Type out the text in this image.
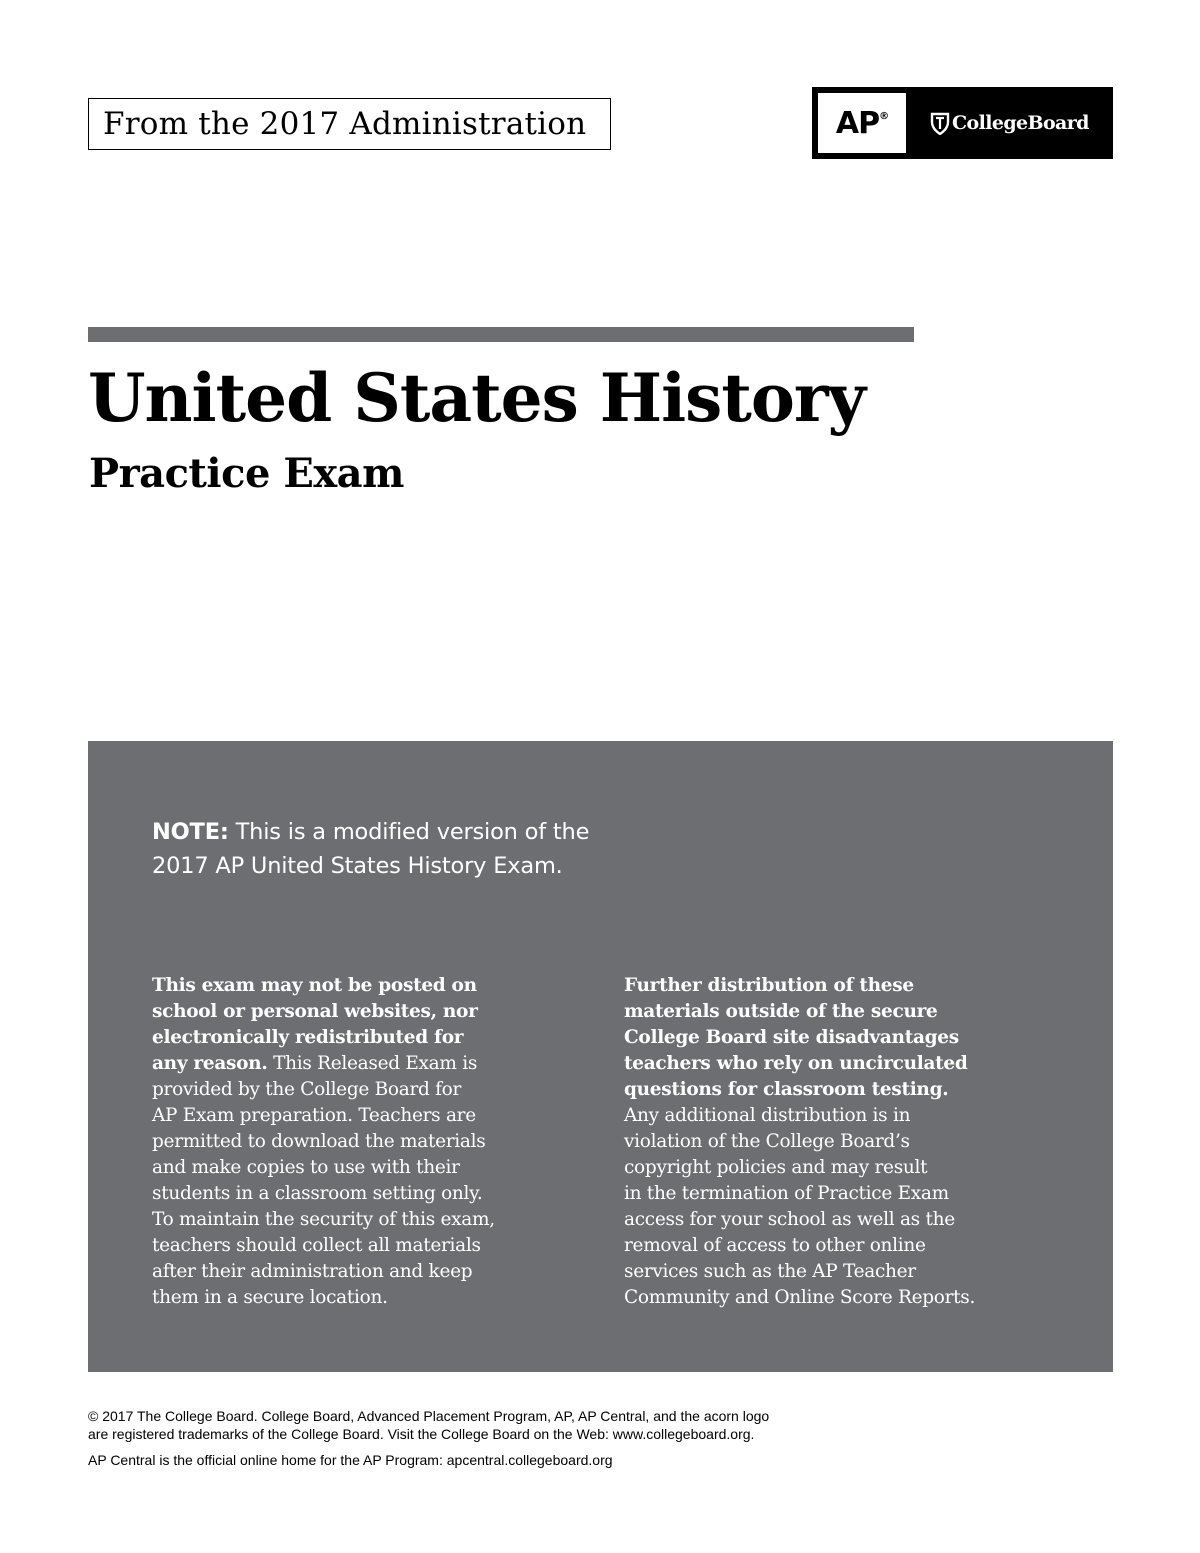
From the 2017 Administration	AP®	CollegeBoard
United States History
Practice Exam
NOTE: This is a modified version of the
2017 AP United States History Exam.
This exam may not be posted on
school or personal websites, nor
electronically redistributed for
any reason. This Released Exam is
provided by the College Board for
AP Exam preparation. Teachers are
permitted to download the materials
and make copies to use with their
students in a classroom setting only.
To maintain the security of this exam,
teachers should collect all materials
after their administration and keep
them in a secure location.
Further distribution of these
materials outside of the secure
College Board site disadvantages
teachers who rely on uncirculated
questions for classroom testing.
Any additional distribution is in
violation of the College Board’s
copyright policies and may result
in the termination of Practice Exam
access for your school as well as the
removal of access to other online
services such as the AP Teacher
Community and Online Score Reports.
© 2017 The College Board. College Board, Advanced Placement Program, AP, AP Central, and the acorn logo
are registered trademarks of the College Board. Visit the College Board on the Web: www.collegeboard.org.
AP Central is the official online home for the AP Program: apcentral.collegeboard.org
